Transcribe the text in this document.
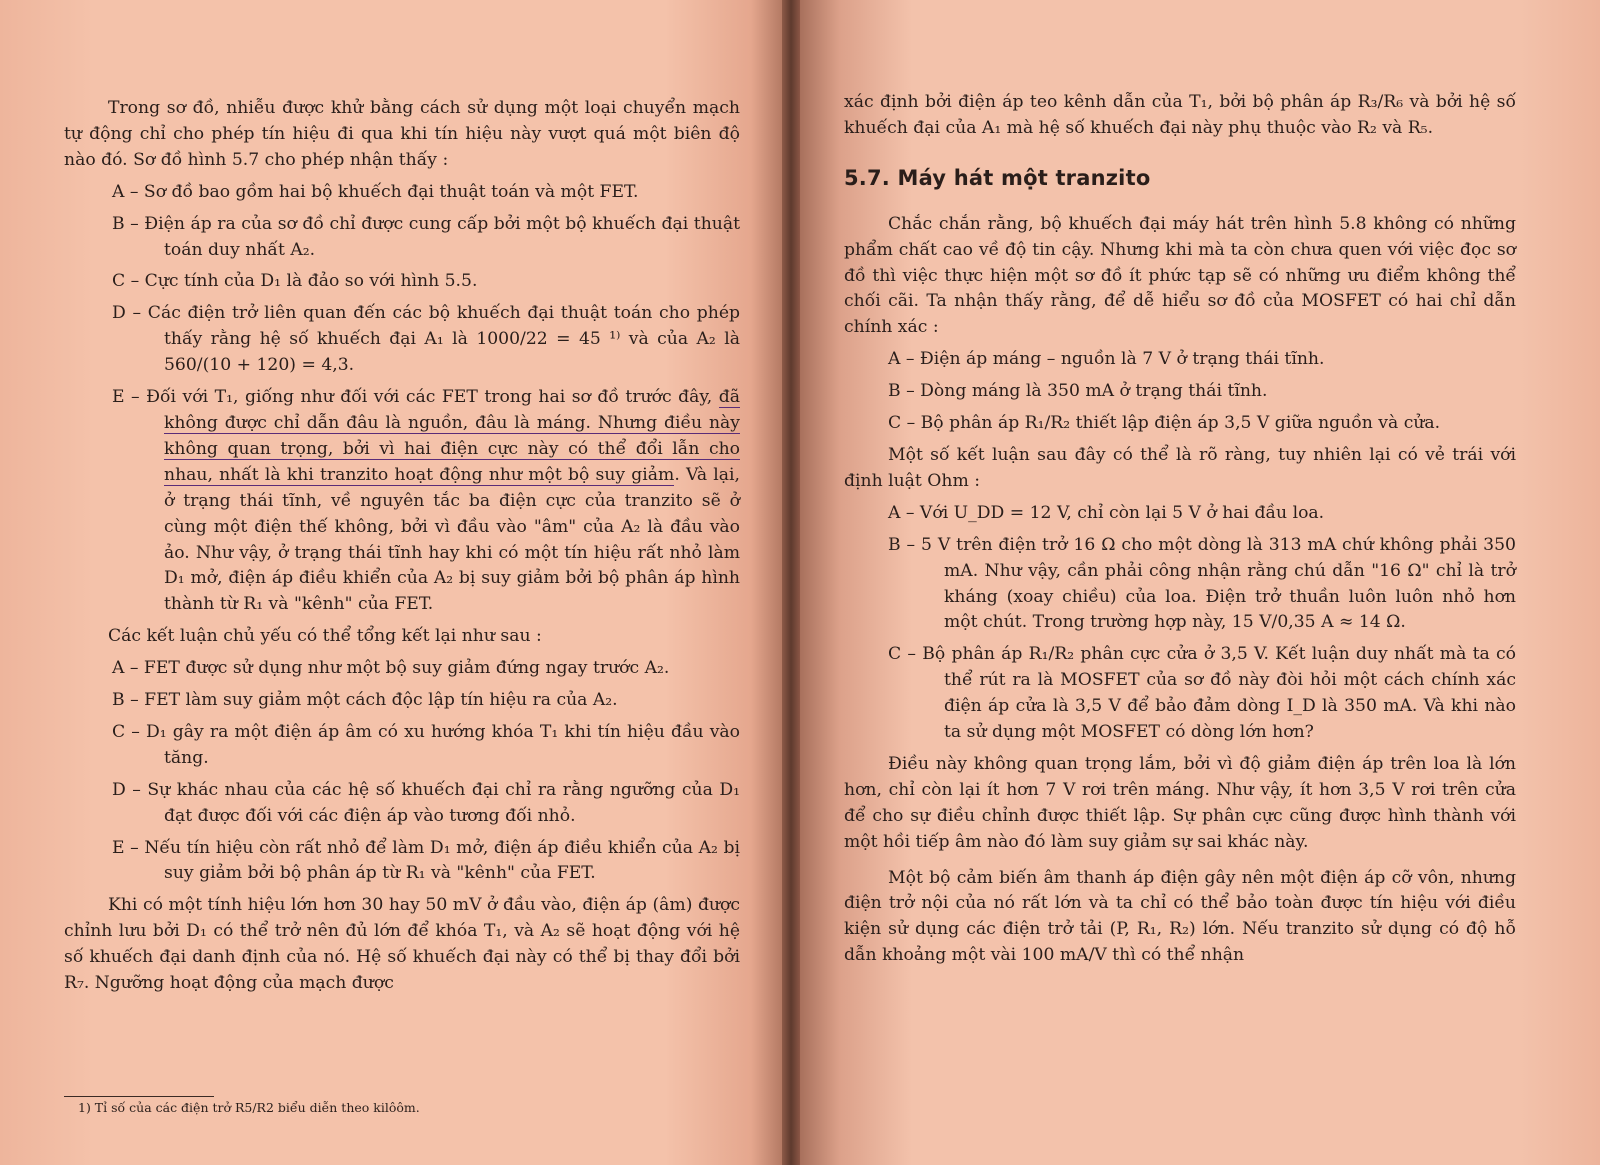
Trong sơ đồ, nhiễu được khử bằng cách sử dụng một loại chuyển mạch tự động chỉ cho phép tín hiệu đi qua khi tín hiệu này vượt quá một biên độ nào đó. Sơ đồ hình 5.7 cho phép nhận thấy :

A – Sơ đồ bao gồm hai bộ khuếch đại thuật toán và một FET.

B – Điện áp ra của sơ đồ chỉ được cung cấp bởi một bộ khuếch đại thuật toán duy nhất A₂.

C – Cực tính của D₁ là đảo so với hình 5.5.

D – Các điện trở liên quan đến các bộ khuếch đại thuật toán cho phép thấy rằng hệ số khuếch đại A₁ là 1000/22 = 45 ¹⁾ và của A₂ là 560/(10 + 120) = 4,3.

E – Đối với T₁, giống như đối với các FET trong hai sơ đồ trước đây, đã không được chỉ dẫn đâu là nguồn, đâu là máng. Nhưng điều này không quan trọng, bởi vì hai điện cực này có thể đổi lẫn cho nhau, nhất là khi tranzito hoạt động như một bộ suy giảm. Và lại, ở trạng thái tĩnh, về nguyên tắc ba điện cực của tranzito sẽ ở cùng một điện thế không, bởi vì đầu vào "âm" của A₂ là đầu vào ảo. Như vậy, ở trạng thái tĩnh hay khi có một tín hiệu rất nhỏ làm D₁ mở, điện áp điều khiển của A₂ bị suy giảm bởi bộ phân áp hình thành từ R₁ và "kênh" của FET.

Các kết luận chủ yếu có thể tổng kết lại như sau :

A – FET được sử dụng như một bộ suy giảm đứng ngay trước A₂.

B – FET làm suy giảm một cách độc lập tín hiệu ra của A₂.

C – D₁ gây ra một điện áp âm có xu hướng khóa T₁ khi tín hiệu đầu vào tăng.

D – Sự khác nhau của các hệ số khuếch đại chỉ ra rằng ngưỡng của D₁ đạt được đối với các điện áp vào tương đối nhỏ.

E – Nếu tín hiệu còn rất nhỏ để làm D₁ mở, điện áp điều khiển của A₂ bị suy giảm bởi bộ phân áp từ R₁ và "kênh" của FET.

Khi có một tính hiệu lớn hơn 30 hay 50 mV ở đầu vào, điện áp (âm) được chỉnh lưu bởi D₁ có thể trở nên đủ lớn để khóa T₁, và A₂ sẽ hoạt động với hệ số khuếch đại danh định của nó. Hệ số khuếch đại này có thể bị thay đổi bởi R₇. Ngưỡng hoạt động của mạch được

1) Tỉ số của các điện trở R5/R2 biểu diễn theo kilôôm.

xác định bởi điện áp teo kênh dẫn của T₁, bởi bộ phân áp R₃/R₆ và bởi hệ số khuếch đại của A₁ mà hệ số khuếch đại này phụ thuộc vào R₂ và R₅.

5.7. Máy hát một tranzito

Chắc chắn rằng, bộ khuếch đại máy hát trên hình 5.8 không có những phẩm chất cao về độ tin cậy. Nhưng khi mà ta còn chưa quen với việc đọc sơ đồ thì việc thực hiện một sơ đồ ít phức tạp sẽ có những ưu điểm không thể chối cãi. Ta nhận thấy rằng, để dễ hiểu sơ đồ của MOSFET có hai chỉ dẫn chính xác :

A – Điện áp máng – nguồn là 7 V ở trạng thái tĩnh.

B – Dòng máng là 350 mA ở trạng thái tĩnh.

C – Bộ phân áp R₁/R₂ thiết lập điện áp 3,5 V giữa nguồn và cửa.

Một số kết luận sau đây có thể là rõ ràng, tuy nhiên lại có vẻ trái với định luật Ohm :

A – Với U_DD = 12 V, chỉ còn lại 5 V ở hai đầu loa.

B – 5 V trên điện trở 16 Ω cho một dòng là 313 mA chứ không phải 350 mA. Như vậy, cần phải công nhận rằng chú dẫn "16 Ω" chỉ là trở kháng (xoay chiều) của loa. Điện trở thuần luôn luôn nhỏ hơn một chút. Trong trường hợp này, 15 V/0,35 A ≈ 14 Ω.

C – Bộ phân áp R₁/R₂ phân cực cửa ở 3,5 V. Kết luận duy nhất mà ta có thể rút ra là MOSFET của sơ đồ này đòi hỏi một cách chính xác điện áp cửa là 3,5 V để bảo đảm dòng I_D là 350 mA. Và khi nào ta sử dụng một MOSFET có dòng lớn hơn?

Điều này không quan trọng lắm, bởi vì độ giảm điện áp trên loa là lớn hơn, chỉ còn lại ít hơn 7 V rơi trên máng. Như vậy, ít hơn 3,5 V rơi trên cửa để cho sự điều chỉnh được thiết lập. Sự phân cực cũng được hình thành với một hồi tiếp âm nào đó làm suy giảm sự sai khác này.

Một bộ cảm biến âm thanh áp điện gây nên một điện áp cỡ vôn, nhưng điện trở nội của nó rất lớn và ta chỉ có thể bảo toàn được tín hiệu với điều kiện sử dụng các điện trở tải (P, R₁, R₂) lớn. Nếu tranzito sử dụng có độ hỗ dẫn khoảng một vài 100 mA/V thì có thể nhận
